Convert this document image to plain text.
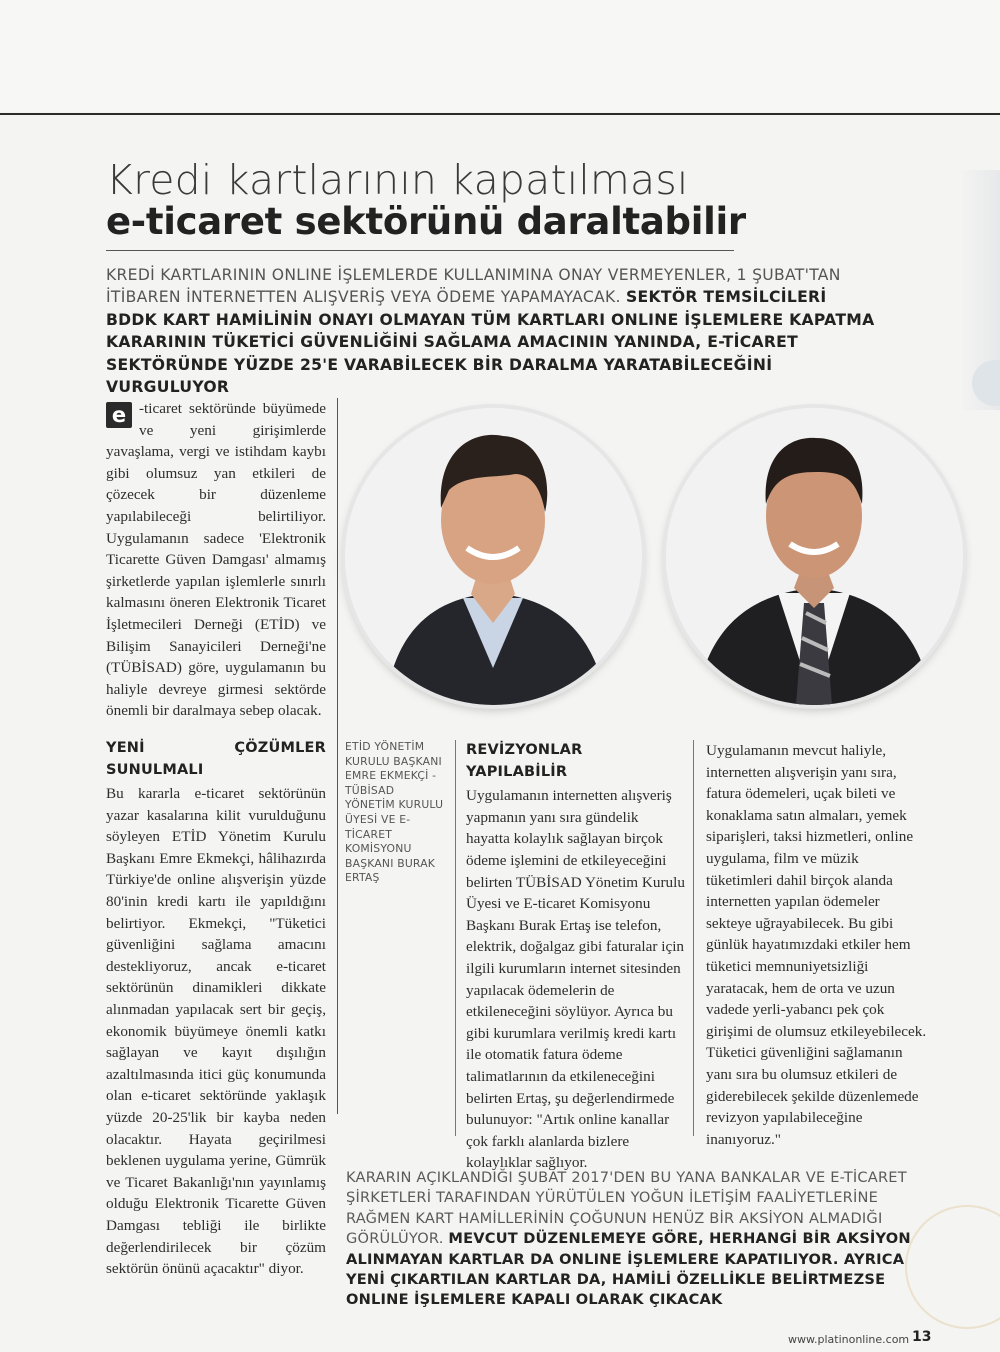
Kredi kartlarının kapatılması
e-ticaret sektörünü daraltabilir
KREDİ KARTLARININ ONLINE İŞLEMLERDE KULLANIMINA ONAY VERMEYENLER, 1 ŞUBAT'TAN İTİBAREN İNTERNETTEN ALIŞVERİŞ VEYA ÖDEME YAPAMAYACAK. SEKTÖR TEMSİLCİLERİ BDDK KART HAMİLİNİN ONAYI OLMAYAN TÜM KARTLARI ONLINE İŞLEMLERE KAPATMA KARARININ TÜKETİCİ GÜVENLİĞİNİ SAĞLAMA AMACININ YANINDA, E-TİCARET SEKTÖRÜNDE YÜZDE 25'E VARABİLECEK BİR DARALMA YARATABİLECEĞİNİ VURGULUYOR

e -ticaret sektöründe büyümede ve yeni girişimlerde yavaşlama, vergi ve istihdam kaybı gibi olumsuz yan etkileri de çözecek bir düzenleme yapılabileceği belirtiliyor. Uygulamanın sadece 'Elektronik Ticarette Güven Damgası' almamış şirketlerde yapılan işlemlerle sınırlı kalmasını öneren Elektronik Ticaret İşletmecileri Derneği (ETİD) ve Bilişim Sanayicileri Derneği'ne (TÜBİSAD) göre, uygulamanın bu haliyle devreye girmesi sektörde önemli bir daralmaya sebep olacak.

YENİ ÇÖZÜMLER SUNULMALI

Bu kararla e-ticaret sektörünün yazar kasalarına kilit vurulduğunu söyleyen ETİD Yönetim Kurulu Başkanı Emre Ekmekçi, hâlihazırda Türkiye'de online alışverişin yüzde 80'inin kredi kartı ile yapıldığını belirtiyor. Ekmekçi, "Tüketici güvenliğini sağlama amacını destekliyoruz, ancak e-ticaret sektörünün dinamikleri dikkate alınmadan yapılacak sert bir geçiş, ekonomik büyümeye önemli katkı sağlayan ve kayıt dışılığın azaltılmasında itici güç konumunda olan e-ticaret sektöründe yaklaşık yüzde 20-25'lik bir kayba neden olacaktır. Hayata geçirilmesi beklenen uygulama yerine, Gümrük ve Ticaret Bakanlığı'nın yayınlamış olduğu Elektronik Ticarette Güven Damgası tebliği ile birlikte değerlendirilecek bir çözüm sektörün önünü açacaktır" diyor.

ETİD YÖNETİM KURULU BAŞKANI EMRE EKMEKÇİ - TÜBİSAD YÖNETİM KURULU ÜYESİ VE E-TİCARET KOMİSYONU BAŞKANI BURAK ERTAŞ
REVİZYONLAR YAPILABİLİR
Uygulamanın internetten alışveriş yapmanın yanı sıra gündelik hayatta kolaylık sağlayan birçok ödeme işlemini de etkileyeceğini belirten TÜBİSAD Yönetim Kurulu Üyesi ve E-ticaret Komisyonu Başkanı Burak Ertaş ise telefon, elektrik, doğalgaz gibi faturalar için ilgili kurumların internet sitesinden yapılacak ödemelerin de etkileneceğini söylüyor. Ayrıca bu gibi kurumlara verilmiş kredi kartı ile otomatik fatura ödeme talimatlarının da etkileneceğini belirten Ertaş, şu değerlendirmede bulunuyor: "Artık online kanallar çok farklı alanlarda bizlere kolaylıklar sağlıyor.
Uygulamanın mevcut haliyle, internetten alışverişin yanı sıra, fatura ödemeleri, uçak bileti ve konaklama satın almaları, yemek siparişleri, taksi hizmetleri, online uygulama, film ve müzik tüketimleri dahil birçok alanda internetten yapılan ödemeler sekteye uğrayabilecek. Bu gibi günlük hayatımızdaki etkiler hem tüketici memnuniyetsizliği yaratacak, hem de orta ve uzun vadede yerli-yabancı pek çok girişimi de olumsuz etkileyebilecek. Tüketici güvenliğini sağlamanın yanı sıra bu olumsuz etkileri de giderebilecek şekilde düzenlemede revizyon yapılabileceğine inanıyoruz."
KARARIN AÇIKLANDIĞI ŞUBAT 2017'DEN BU YANA BANKALAR VE E-TİCARET ŞİRKETLERİ TARAFINDAN YÜRÜTÜLEN YOĞUN İLETİŞİM FAALİYETLERİNE RAĞMEN KART HAMİLLERİNİN ÇOĞUNUN HENÜZ BİR AKSİYON ALMADIĞI GÖRÜLÜYOR. MEVCUT DÜZENLEMEYE GÖRE, HERHANGİ BİR AKSİYON ALINMAYAN KARTLAR DA ONLINE İŞLEMLERE KAPATILIYOR. AYRICA YENİ ÇIKARTILAN KARTLAR DA, HAMİLİ ÖZELLİKLE BELİRTMEZSE ONLINE İŞLEMLERE KAPALI OLARAK ÇIKACAK
www.platinonline.com 13
